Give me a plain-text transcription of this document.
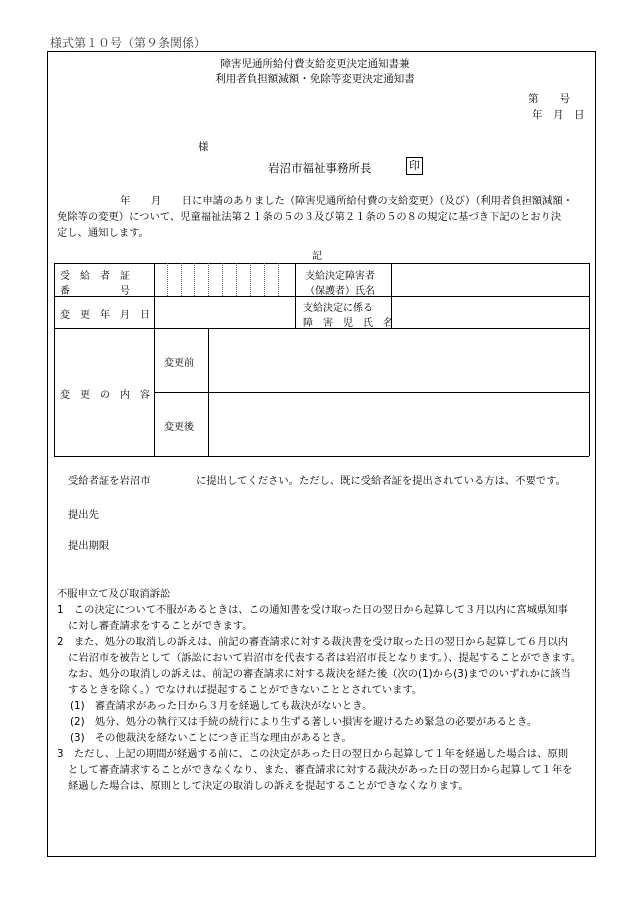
様式第１０号（第９条関係）
障害児通所給付費支給変更決定通知書兼
利用者負担額減額・免除等変更決定通知書
第　　号
年　月　日
様
岩沼市福祉事務所長	印
年　　月　　日に申請のありました（障害児通所給付費の支給変更）（及び）（利用者負担額減額・
免除等の変更）について、児童福祉法第２１条の５の３及び第２１条の５の８の規定に基づき下記のとおり決
定し、通知します。
記
受　給　者　証
番　　　　　号
支給決定障害者
（保護者）氏名
変　更　年　月　日
支給決定に係る
障　害　児　氏　名
変　更　の　内　容
変更前
変更後
受給者証を岩沼市	に提出してください。ただし、既に受給者証を提出されている方は、不要です。
提出先
提出期限
不服申立て及び取消訴訟
1　この決定について不服があるときは、この通知書を受け取った日の翌日から起算して３月以内に宮城県知事
に対し審査請求をすることができます。
2　また、処分の取消しの訴えは、前記の審査請求に対する裁決書を受け取った日の翌日から起算して６月以内
に岩沼市を被告として（訴訟において岩沼市を代表する者は岩沼市長となります。）、提起することができます。
なお、処分の取消しの訴えは、前記の審査請求に対する裁決を経た後（次の(1)から(3)までのいずれかに該当
するときを除く。）でなければ提起することができないこととされています。
(1)　審査請求があった日から３月を経過しても裁決がないとき。
(2)　処分、処分の執行又は手続の続行により生ずる著しい損害を避けるため緊急の必要があるとき。
(3)　その他裁決を経ないことにつき正当な理由があるとき。
3　ただし、上記の期間が経過する前に、この決定があった日の翌日から起算して１年を経過した場合は、原則
として審査請求することができなくなり、また、審査請求に対する裁決があった日の翌日から起算して１年を
経過した場合は、原則として決定の取消しの訴えを提起することができなくなります。
